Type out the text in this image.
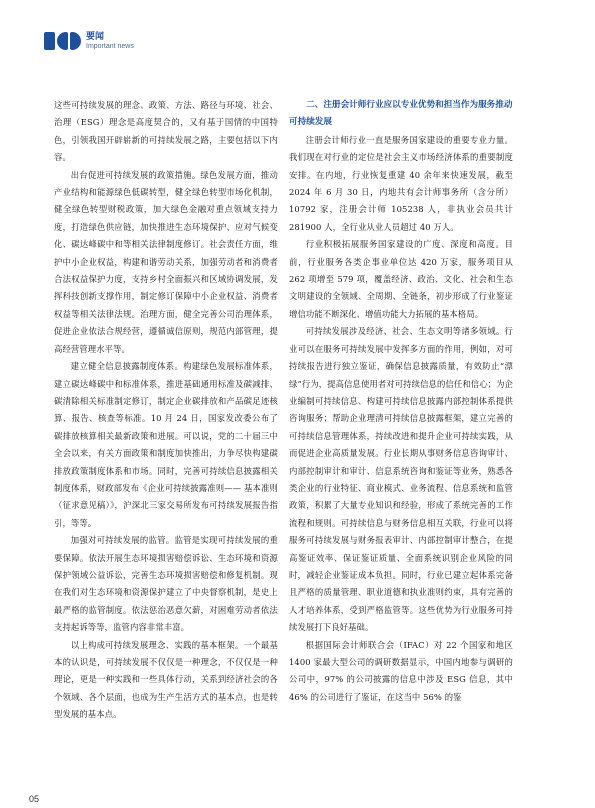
要闻
Important news

这些可持续发展的理念、政策、方法、路径与环境、社会、治理（ESG）理念是高度契合的，又有基于国情的中国特色，引领我国开辟崭新的可持续发展之路，主要包括以下内容。

出台促进可持续发展的政策措施。绿色发展方面，推动产业结构和能源绿色低碳转型，健全绿色转型市场化机制，健全绿色转型财税政策，加大绿色金融对重点领域支持力度，打造绿色供应链，加快推进生态环境保护、应对气候变化、碳达峰碳中和等相关法律制度修订。社会责任方面，维护中小企业权益，构建和谐劳动关系，加强劳动者和消费者合法权益保护力度，支持乡村全面振兴和区域协调发展，发挥科技创新支撑作用，制定修订保障中小企业权益、消费者权益等相关法律法规。治理方面，健全完善公司治理体系，促进企业依法合规经营，遵循诚信原则，规范内部管理，提高经营管理水平等。

建立健全信息披露制度体系。构建绿色发展标准体系，建立碳达峰碳中和标准体系，推进基础通用标准及碳减排、碳清除相关标准制定修订，制定企业碳排放和产品碳足迹核算、报告、核查等标准。10 月 24 日，国家发改委公布了碳排放核算相关最新政策和进展。可以说，党的二十届三中全会以来，有关方面政策和制度加快推出，力争尽快构建碳排放政策制度体系和市场。同时，完善可持续信息披露相关制度体系，财政部发布《企业可持续披露准则—— 基本准则（征求意见稿）》，沪深北三家交易所发布可持续发展报告指引，等等。

加强对可持续发展的监管。监管是实现可持续发展的重要保障。依法开展生态环境损害赔偿诉讼、生态环境和资源保护领域公益诉讼，完善生态环境损害赔偿和修复机制。现在我们对生态环境和资源保护建立了中央督察机制，是史上最严格的监管制度。依法惩治恶意欠薪，对困难劳动者依法支持起诉等等，监管内容非常丰富。

以上构成可持续发展理念、实践的基本框架。一个最基本的认识是，可持续发展不仅仅是一种理念，不仅仅是一种理论，更是一种实践和一些具体行动，关系到经济社会的各个领域、各个层面，也成为生产生活方式的基本点，也是转型发展的基本点。

二、注册会计师行业应以专业优势和担当作为服务推动可持续发展

注册会计师行业一直是服务国家建设的重要专业力量。我们现在对行业的定位是社会主义市场经济体系的重要制度安排。在内地，行业恢复重建 40 余年来快速发展，截至 2024 年 6 月 30 日，内地共有会计师事务所（含分所）10792 家，注册会计师 105238 人，非执业会员共计 281900 人，全行业从业人员超过 40 万人。

行业积极拓展服务国家建设的广度、深度和高度。目前，行业服务各类企事业单位达 420 万家，服务项目从 262 项增至 579 项，覆盖经济、政治、文化、社会和生态文明建设的全领域、全周期、全链条，初步形成了行业鉴证增信功能不断深化、增值功能大力拓展的基本格局。

可持续发展涉及经济、社会、生态文明等诸多领域。行业可以在服务可持续发展中发挥多方面的作用，例如，对可持续报告进行独立鉴证，确保信息披露质量，有效防止“漂绿”行为，提高信息使用者对可持续信息的信任和信心；为企业编制可持续信息、构建可持续信息披露内部控制体系提供咨询服务；帮助企业理清可持续信息披露框架，建立完善的可持续信息管理体系，持续改进和提升企业可持续实践，从而促进企业高质量发展。行业长期从事财务信息咨询审计、内部控制审计和审计、信息系统咨询和鉴证等业务，熟悉各类企业的行业特征、商业模式、业务流程、信息系统和监管政策，积累了大量专业知识和经验，形成了系统完善的工作流程和规则。可持续信息与财务信息相互关联，行业可以将服务可持续发展与财务报表审计、内部控制审计整合，在提高鉴证效率、保证鉴证质量、全面系统识别企业风险的同时，减轻企业鉴证成本负担。同时，行业已建立起体系完备且严格的质量管理、职业道德和执业准则约束，具有完善的人才培养体系，受到严格监管等。这些优势为行业服务可持续发展打下良好基础。

根据国际会计师联合会（IFAC）对 22 个国家和地区 1400 家最大型公司的调研数据显示，中国内地参与调研的公司中，97% 的公司披露的信息中涉及 ESG 信息，其中 46% 的公司进行了鉴证，在这当中 56% 的鉴

05
